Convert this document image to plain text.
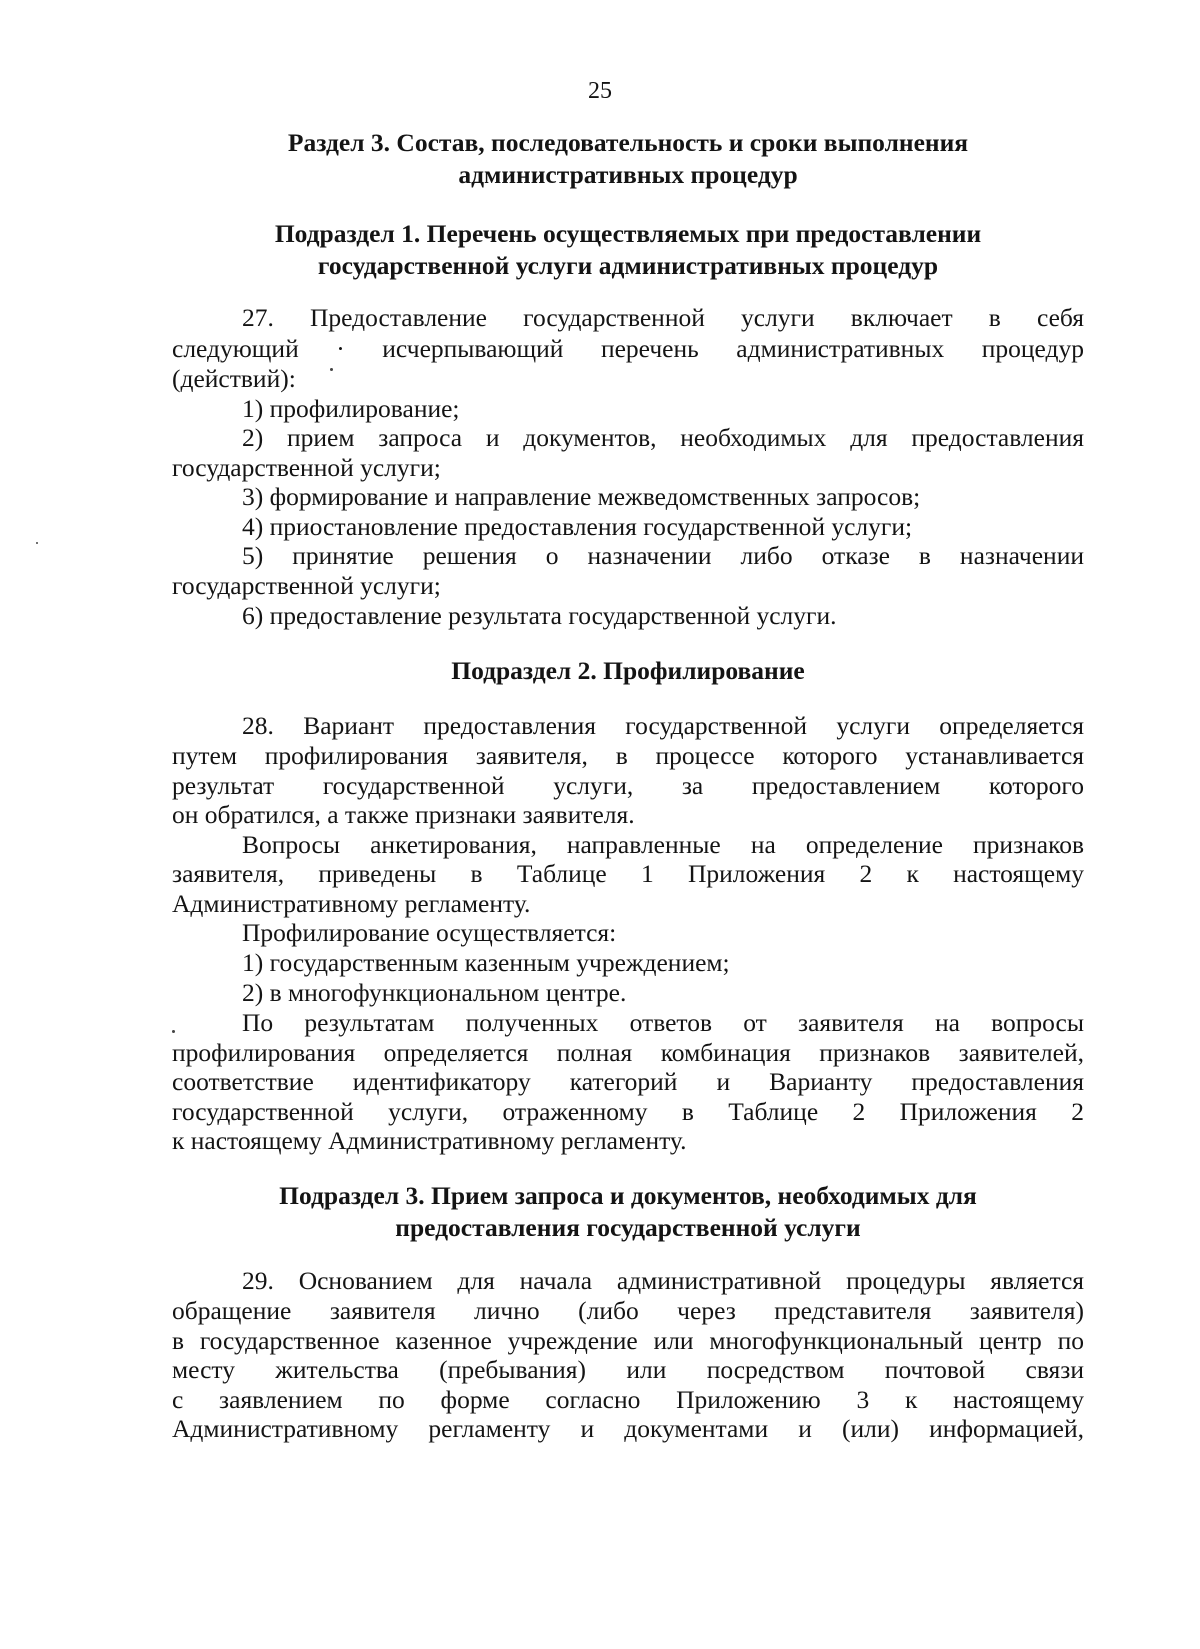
25
Раздел 3. Состав, последовательность и сроки выполнения
административных процедур
Подраздел 1. Перечень осуществляемых при предоставлении
государственной услуги административных процедур
27. Предоставление государственной услуги включает в себя
следующий · исчерпывающий перечень административных процедур
(действий):
1) профилирование;
2) прием запроса и документов, необходимых для предоставления
государственной услуги;
3) формирование и направление межведомственных запросов;
4) приостановление предоставления государственной услуги;
5) принятие решения о назначении либо отказе в назначении
государственной услуги;
6) предоставление результата государственной услуги.
Подраздел 2. Профилирование
28. Вариант предоставления государственной услуги определяется
путем профилирования заявителя, в процессе которого устанавливается
результат государственной услуги, за предоставлением которого
он обратился, а также признаки заявителя.
Вопросы анкетирования, направленные на определение признаков
заявителя, приведены в Таблице 1 Приложения 2 к настоящему
Административному регламенту.
Профилирование осуществляется:
1) государственным казенным учреждением;
2) в многофункциональном центре.
По результатам полученных ответов от заявителя на вопросы
профилирования определяется полная комбинация признаков заявителей,
соответствие идентификатору категорий и Варианту предоставления
государственной услуги, отраженному в Таблице 2 Приложения 2
к настоящему Административному регламенту.
Подраздел 3. Прием запроса и документов, необходимых для
предоставления государственной услуги
29. Основанием для начала административной процедуры является
обращение заявителя лично (либо через представителя заявителя)
в государственное казенное учреждение или многофункциональный центр по
месту жительства (пребывания) или посредством почтовой связи
с заявлением по форме согласно Приложению 3 к настоящему
Административному регламенту и документами и (или) информацией,
